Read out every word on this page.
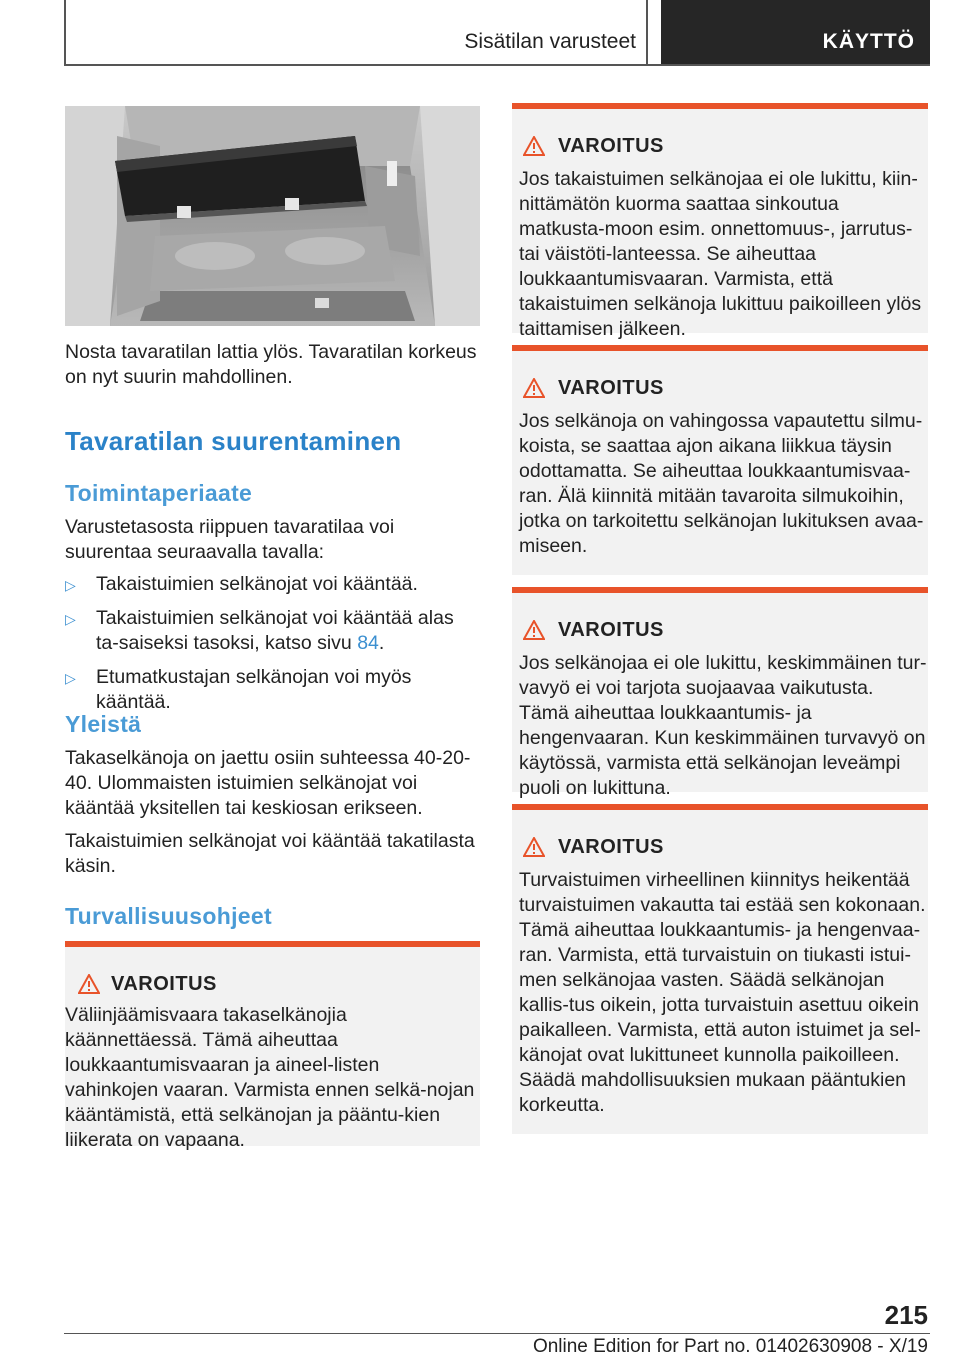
Sisätilan varusteet	KÄYTTÖ
Nosta tavaratilan lattia ylös. Tavaratilan korkeus on nyt suurin mahdollinen.
Tavaratilan suurentaminen
Toimintaperiaate
Varustetasosta riippuen tavaratilaa voi suurentaa seuraavalla tavalla:
▷ Takaistuimien selkänojat voi kääntää.
▷ Takaistuimien selkänojat voi kääntää alas ta-saiseksi tasoksi, katso sivu 84.
▷ Etumatkustajan selkänojan voi myös kääntää.
Yleistä
Takaselkänoja on jaettu osiin suhteessa 40-20-40. Ulommaisten istuimien selkänojat voi kääntää yksitellen tai keskiosan erikseen.
Takaistuimien selkänojat voi kääntää takatilasta käsin.
Turvallisuusohjeet
VAROITUS
Väliinjäämisvaara takaselkänojia käännettäessä. Tämä aiheuttaa loukkaantumisvaaran ja aineel-listen vahinkojen vaaran. Varmista ennen selkä-nojan kääntämistä, että selkänojan ja pääntu-kien liikerata on vapaana.
VAROITUS
Jos takaistuimen selkänojaa ei ole lukittu, kiin-nittämätön kuorma saattaa sinkoutua matkusta-moon esim. onnettomuus-, jarrutus- tai väistöti-lanteessa. Se aiheuttaa loukkaantumisvaaran. Varmista, että takaistuimen selkänoja lukittuu paikoilleen ylös taittamisen jälkeen.
VAROITUS
Jos selkänoja on vahingossa vapautettu silmu-koista, se saattaa ajon aikana liikkua täysin odottamatta. Se aiheuttaa loukkaantumisvaa-ran. Älä kiinnitä mitään tavaroita silmukoihin, jotka on tarkoitettu selkänojan lukituksen avaa-miseen.
VAROITUS
Jos selkänojaa ei ole lukittu, keskimmäinen tur-vavyö ei voi tarjota suojaavaa vaikutusta. Tämä aiheuttaa loukkaantumis- ja hengenvaaran. Kun keskimmäinen turvavyö on käytössä, varmista että selkänojan leveämpi puoli on lukittuna.
VAROITUS
Turvaistuimen virheellinen kiinnitys heikentää turvaistuimen vakautta tai estää sen kokonaan. Tämä aiheuttaa loukkaantumis- ja hengenvaa-ran. Varmista, että turvaistuin on tiukasti istui-men selkänojaa vasten. Säädä selkänojan kallis-tus oikein, jotta turvaistuin asettuu oikein paikalleen. Varmista, että auton istuimet ja sel-känojat ovat lukittuneet kunnolla paikoilleen. Säädä mahdollisuuksien mukaan pääntukien korkeutta.
215
Online Edition for Part no. 01402630908 - X/19
